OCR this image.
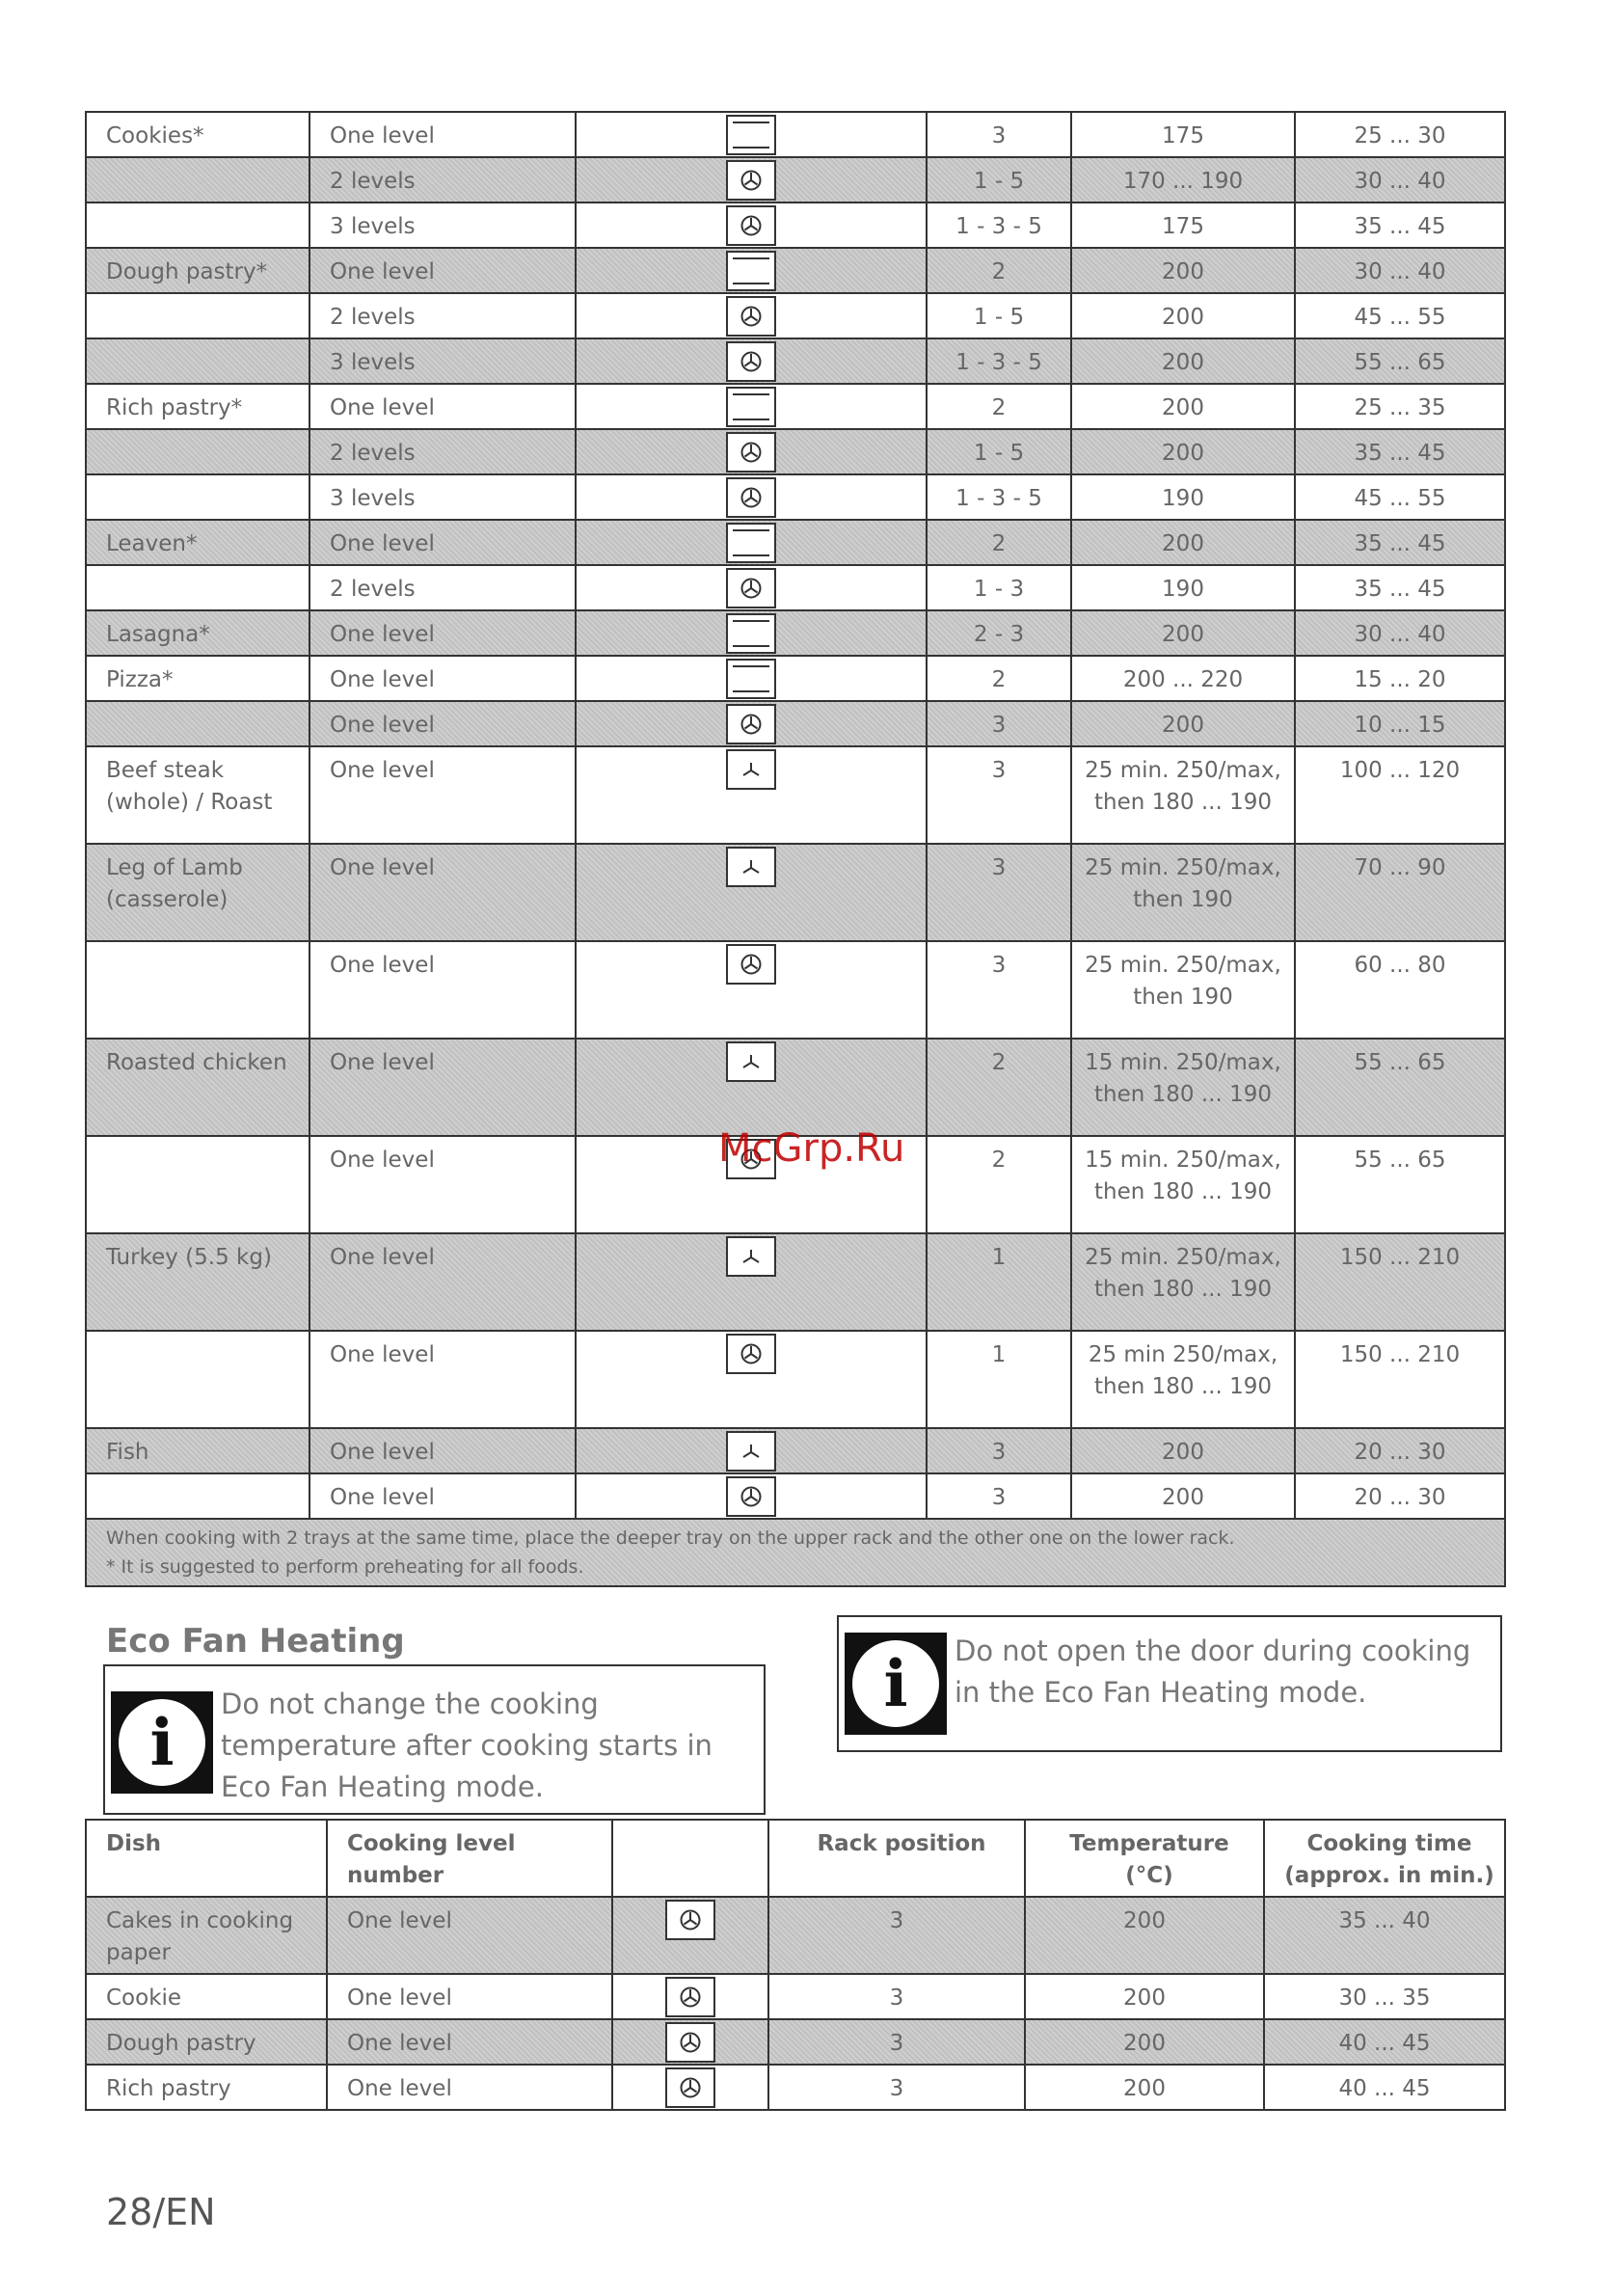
Cookies*	One level		3	175	25 ... 30
	2 levels		1 - 5	170 ... 190	30 ... 40
	3 levels		1 - 3 - 5	175	35 ... 45
Dough pastry*	One level		2	200	30 ... 40
	2 levels		1 - 5	200	45 ... 55
	3 levels		1 - 3 - 5	200	55 ... 65
Rich pastry*	One level		2	200	25 ... 35
	2 levels		1 - 5	200	35 ... 45
	3 levels		1 - 3 - 5	190	45 ... 55
Leaven*	One level		2	200	35 ... 45
	2 levels		1 - 3	190	35 ... 45
Lasagna*	One level		2 - 3	200	30 ... 40
Pizza*	One level		2	200 ... 220	15 ... 20
	One level		3	200	10 ... 15
Beef steak (whole) / Roast	One level		3	25 min. 250/max, then 180 ... 190	100 ... 120
Leg of Lamb (casserole)	One level		3	25 min. 250/max, then 190	70 ... 90
	One level		3	25 min. 250/max, then 190	60 ... 80
Roasted chicken	One level		2	15 min. 250/max, then 180 ... 190	55 ... 65
	One level		2	15 min. 250/max, then 180 ... 190	55 ... 65
Turkey (5.5 kg)	One level		1	25 min. 250/max, then 180 ... 190	150 ... 210
	One level		1	25 min 250/max, then 180 ... 190	150 ... 210
Fish	One level		3	200	20 ... 30
	One level		3	200	20 ... 30

When cooking with 2 trays at the same time, place the deeper tray on the upper rack and the other one on the lower rack.
* It is suggested to perform preheating for all foods.					
Eco Fan Heating
i
Do not change the cooking temperature after cooking starts in Eco Fan Heating mode.
i	Do not open the door during cooking in the Eco Fan Heating mode.
Dish	Cooking level number		Rack position	Temperature (°C)	Cooking time (approx. in min.)
Cakes in cooking paper	One level		3	200	35 ... 40
Cookie	One level		3	200	30 ... 35
Dough pastry	One level		3	200	40 ... 45
Rich pastry	One level		3	200	40 ... 45
McGrp.Ru
28/EN
